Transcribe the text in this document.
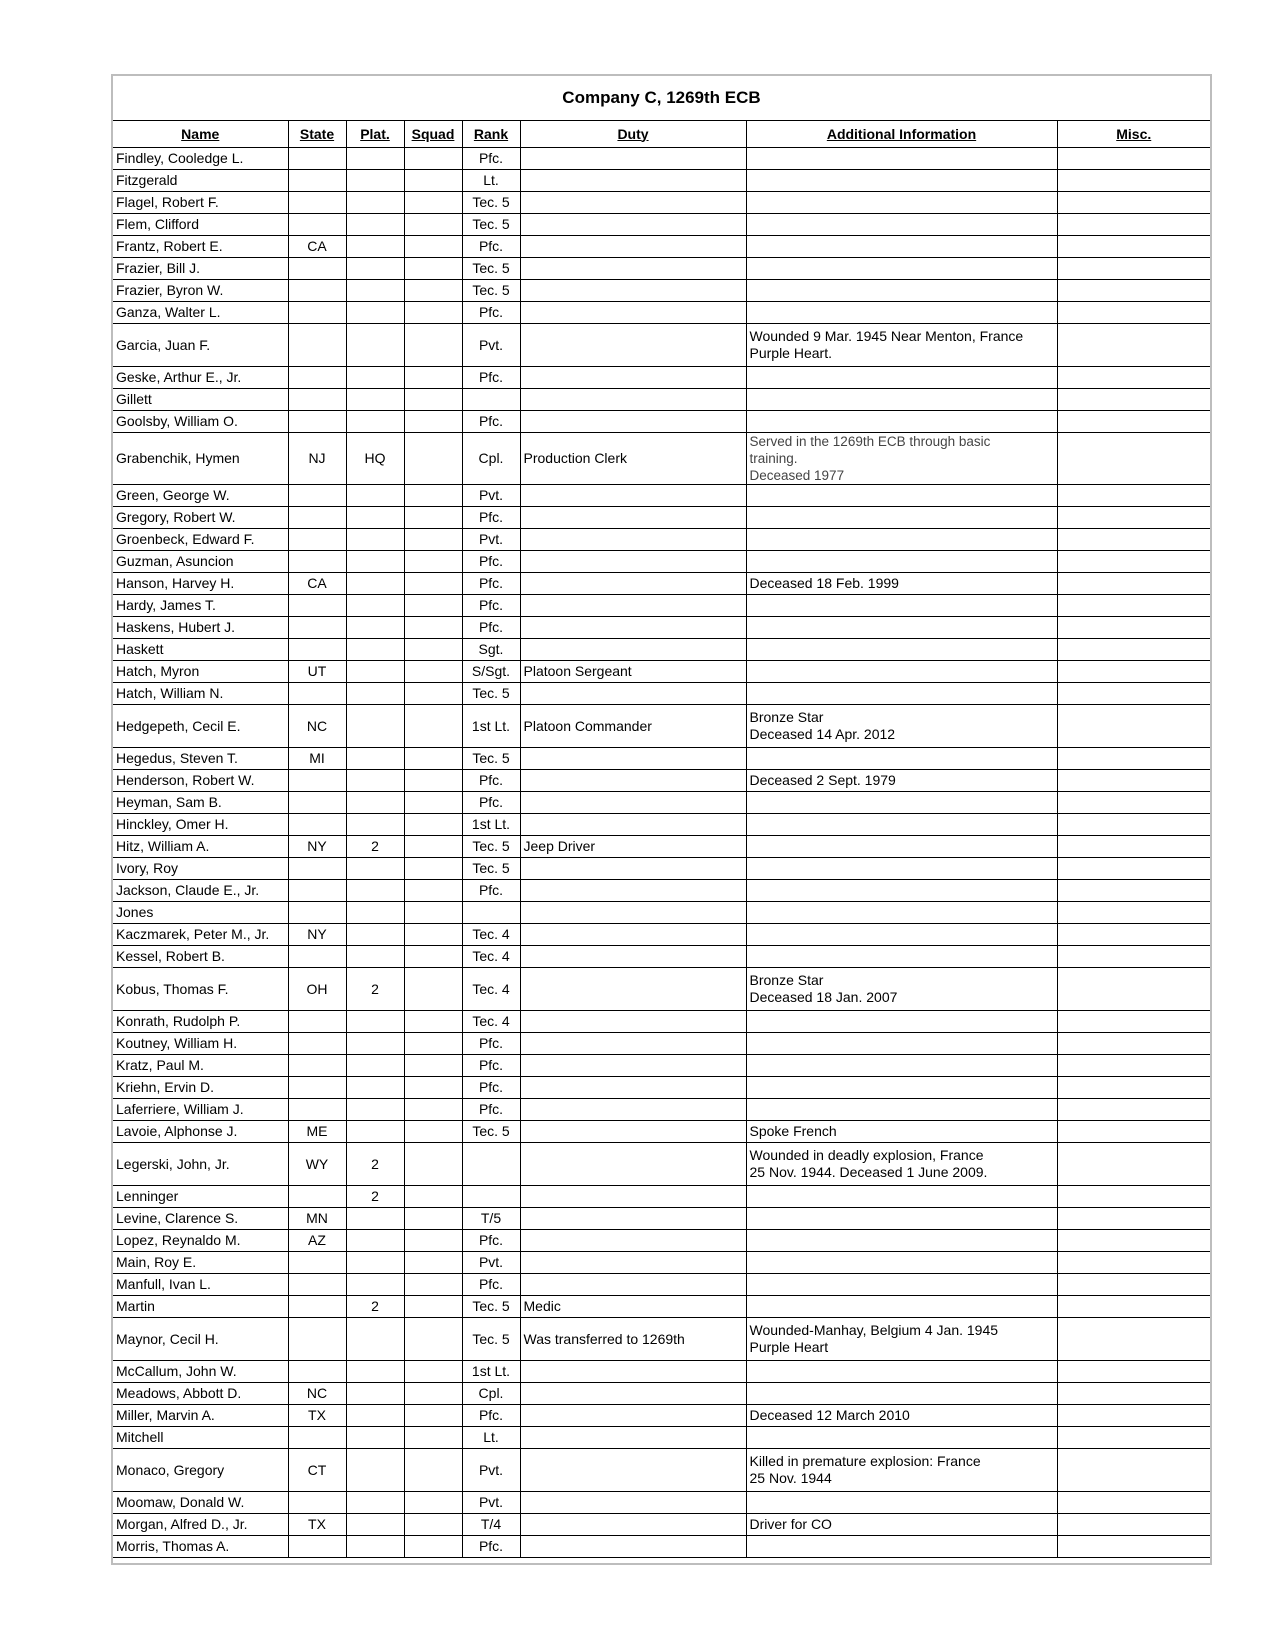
Company C, 1269th ECB
Name	State	Plat.	Squad	Rank	Duty	Additional Information	Misc.
Findley, Cooledge L.				Pfc.			
Fitzgerald				Lt.			
Flagel, Robert F.				Tec. 5			
Flem, Clifford				Tec. 5			
Frantz, Robert E.	CA			Pfc.			
Frazier, Bill J.				Tec. 5			
Frazier, Byron W.				Tec. 5			
Ganza, Walter L.				Pfc.			
Garcia, Juan F.				Pvt.		Wounded 9 Mar. 1945 Near Menton, France
Purple Heart.	

Geske, Arthur E., Jr.				Pfc.			
Gillett							
Goolsby, William O.				Pfc.			
Grabenchik, Hymen	NJ	HQ		Cpl.	Production Clerk	Served in the 1269th ECB through basic
training.
Deceased 1977	

Green, George W.				Pvt.			
Gregory, Robert W.				Pfc.			
Groenbeck, Edward F.				Pvt.			
Guzman, Asuncion				Pfc.			
Hanson, Harvey H.	CA			Pfc.		Deceased 18 Feb. 1999	

Hardy, James T.				Pfc.			
Haskens, Hubert J.				Pfc.			
Haskett				Sgt.			
Hatch, Myron	UT			S/Sgt.	Platoon Sergeant		
Hatch, William N.				Tec. 5			
Hedgepeth, Cecil E.	NC			1st Lt.	Platoon Commander	Bronze Star
Deceased 14 Apr. 2012	

Hegedus, Steven T.	MI			Tec. 5			
Henderson, Robert W.				Pfc.		Deceased 2 Sept. 1979	

Heyman, Sam B.				Pfc.			
Hinckley, Omer H.				1st Lt.			
Hitz, William A.	NY	2		Tec. 5	Jeep Driver		
Ivory, Roy				Tec. 5			
Jackson, Claude E., Jr.				Pfc.			
Jones							
Kaczmarek, Peter M., Jr.	NY			Tec. 4			
Kessel, Robert B.				Tec. 4			
Kobus, Thomas F.	OH	2		Tec. 4		Bronze Star
Deceased 18 Jan. 2007	

Konrath, Rudolph P.				Tec. 4			
Koutney, William H.				Pfc.			
Kratz, Paul M.				Pfc.			
Kriehn, Ervin D.				Pfc.			
Laferriere, William J.				Pfc.			
Lavoie, Alphonse J.	ME			Tec. 5		Spoke French	

Legerski, John, Jr.	WY	2				Wounded in deadly explosion, France
25 Nov. 1944. Deceased 1 June 2009.	

Lenninger		2					
Levine, Clarence S.	MN			T/5			
Lopez, Reynaldo M.	AZ			Pfc.			
Main, Roy E.				Pvt.			
Manfull, Ivan L.				Pfc.			
Martin		2		Tec. 5	Medic		
Maynor, Cecil H.				Tec. 5	Was transferred to 1269th	Wounded-Manhay, Belgium 4 Jan. 1945
Purple Heart	

McCallum, John W.				1st Lt.			
Meadows, Abbott D.	NC			Cpl.			
Miller, Marvin A.	TX			Pfc.		Deceased 12 March 2010	

Mitchell				Lt.			
Monaco, Gregory	CT			Pvt.		Killed in premature explosion: France
25 Nov. 1944	

Moomaw, Donald W.				Pvt.			
Morgan, Alfred D., Jr.	TX			T/4		Driver for CO	

Morris, Thomas A.				Pfc.			
